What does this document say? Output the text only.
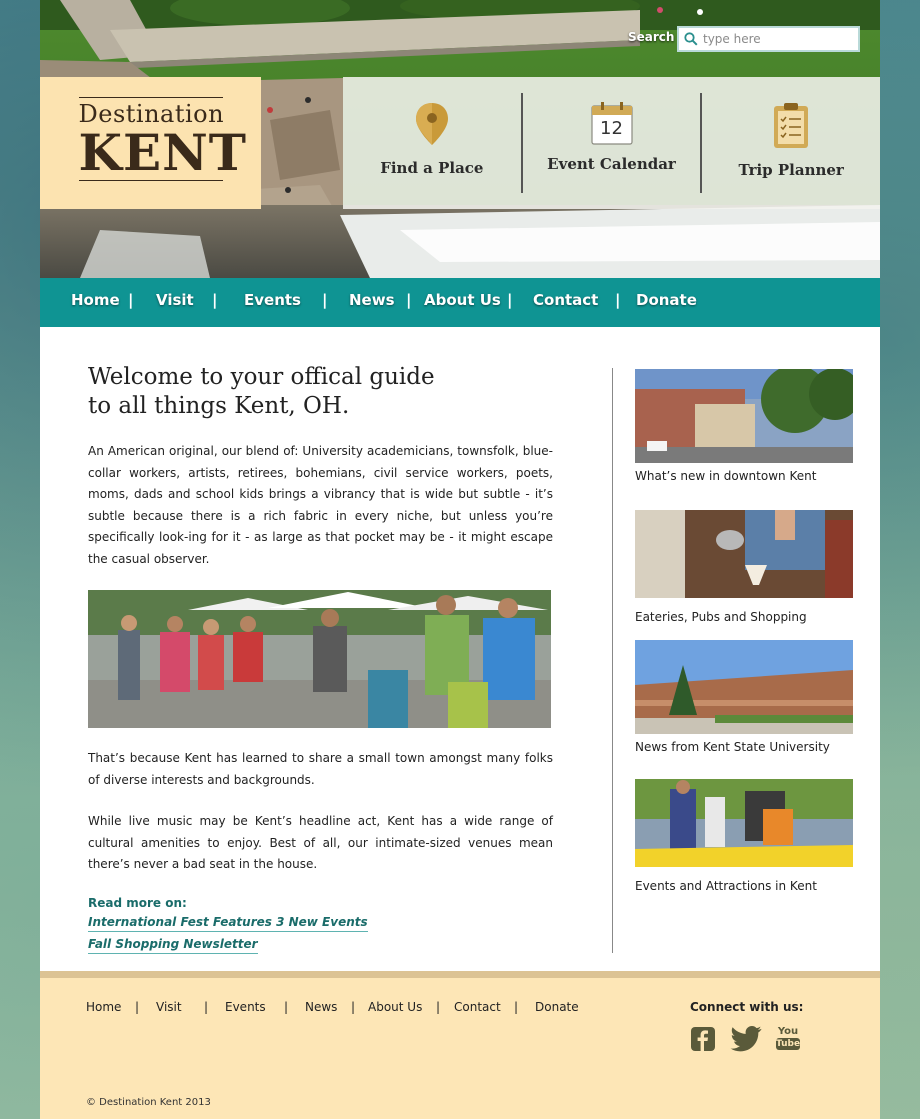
Search
type here
Destination
KENT	Find a Place
12
Event Calendar	Trip Planner
Home | Visit | Events | News | About Us | Contact | Donate
Welcome to your offical guide
to all things Kent, OH.

An American original, our blend of: University academicians, townsfolk, blue-collar workers, artists, retirees, bohemians, civil service workers, poets, moms, dads and school kids brings a vibrancy that is wide but subtle - it’s subtle because there is a rich fabric in every niche, but unless you’re specifically look-ing for it - as large as that pocket may be - it might escape the casual observer.

That’s because Kent has learned to share a small town amongst many folks of diverse interests and backgrounds.

While live music may be Kent’s headline act, Kent has a wide range of cultural amenities to enjoy. Best of all, our intimate-sized venues mean there’s never a bad seat in the house.

Read more on:
International Fest Features 3 New Events
Fall Shopping Newsletter
What’s new in downtown Kent
Eateries, Pubs and Shopping
News from Kent State University
Events and Attractions in Kent
Home | Visit | Events | News | About Us | Contact | Donate	Connect with us:
You
Tube
© Destination Kent 2013
